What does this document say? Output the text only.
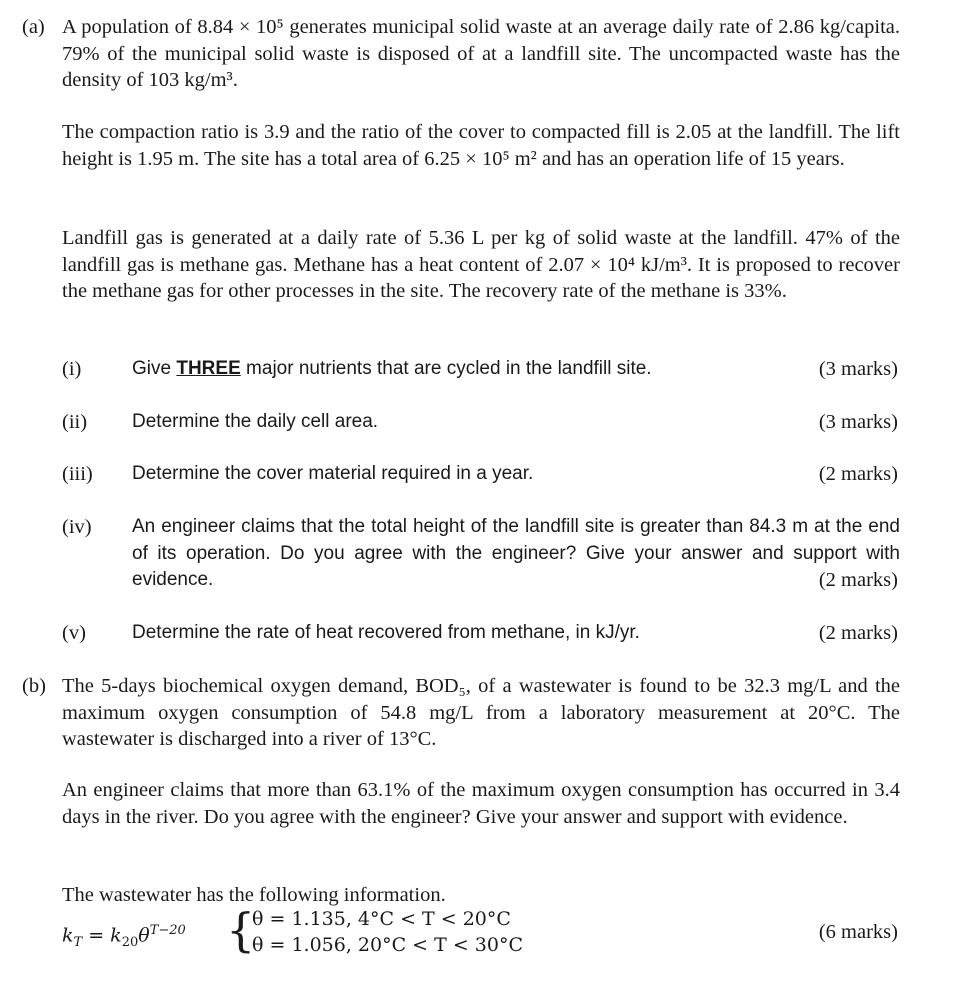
(a) A population of 8.84 × 10⁵ generates municipal solid waste at an average daily rate of 2.86 kg/capita. 79% of the municipal solid waste is disposed of at a landfill site. The uncompacted waste has the density of 103 kg/m³.
The compaction ratio is 3.9 and the ratio of the cover to compacted fill is 2.05 at the landfill. The lift height is 1.95 m. The site has a total area of 6.25 × 10⁵ m² and has an operation life of 15 years.
Landfill gas is generated at a daily rate of 5.36 L per kg of solid waste at the landfill. 47% of the landfill gas is methane gas. Methane has a heat content of 2.07 × 10⁴ kJ/m³. It is proposed to recover the methane gas for other processes in the site. The recovery rate of the methane is 33%.
(i)	Give THREE major nutrients that are cycled in the landfill site.	(3 marks)
(ii) Determine the daily cell area.	(3 marks)
(iii) Determine the cover material required in a year.	(2 marks)
(iv) An engineer claims that the total height of the landfill site is greater than 84.3 m at the end of its operation. Do you agree with the engineer? Give your answer and support with evidence.	(2 marks)
(v) Determine the rate of heat recovered from methane, in kJ/yr.	(2 marks)
(b) The 5-days biochemical oxygen demand, BOD₅, of a wastewater is found to be 32.3 mg/L and the maximum oxygen consumption of 54.8 mg/L from a laboratory measurement at 20°C. The wastewater is discharged into a river of 13°C.
An engineer claims that more than 63.1% of the maximum oxygen consumption has occurred in 3.4 days in the river. Do you agree with the engineer? Give your answer and support with evidence.
The wastewater has the following information.
$k_T = k_{20}\theta^{T-20}$ {
θ = 1.135, 4°C < T < 20°C
θ = 1.056, 20°C < T < 30°C
(6 marks)
